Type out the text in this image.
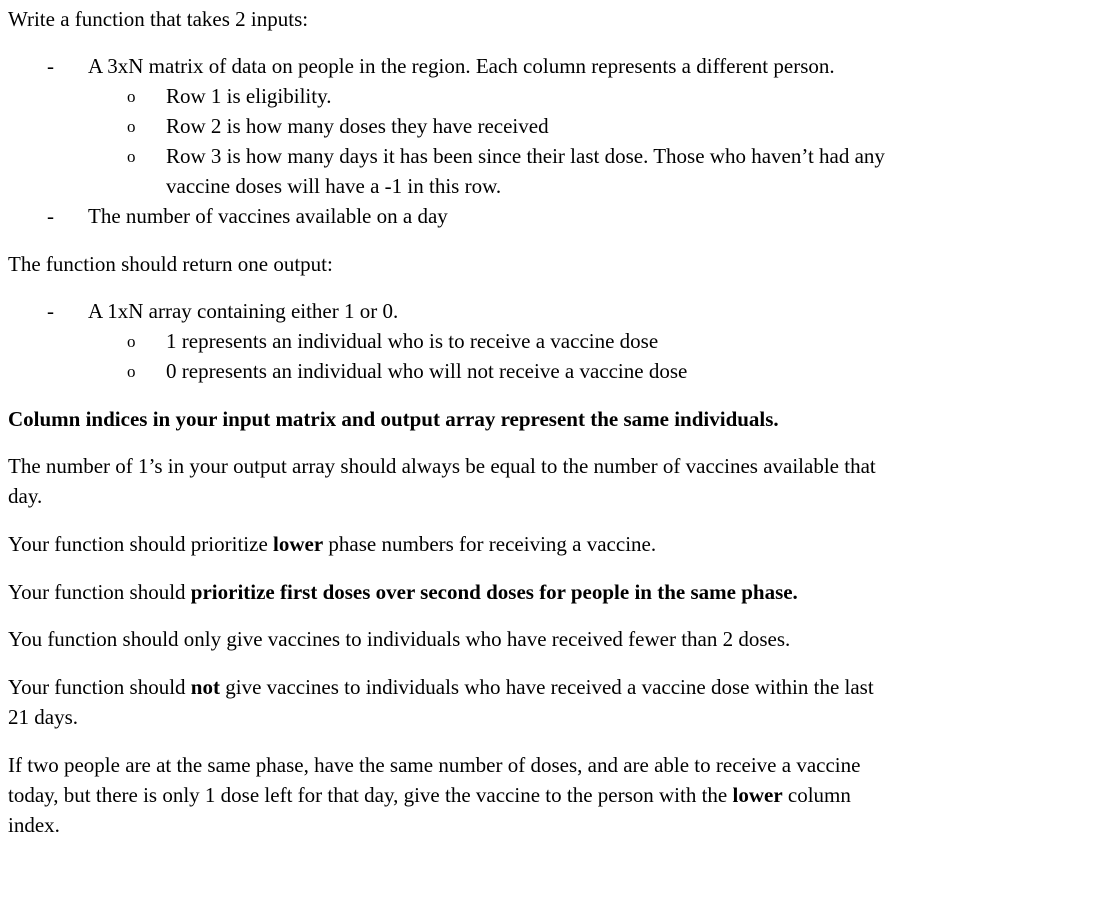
Write a function that takes 2 inputs:
- A 3xN matrix of data on people in the region. Each column represents a different person.
o Row 1 is eligibility.
o Row 2 is how many doses they have received
o Row 3 is how many days it has been since their last dose. Those who haven’t had any
vaccine doses will have a -1 in this row.
- The number of vaccines available on a day
The function should return one output:
- A 1xN array containing either 1 or 0.
o 1 represents an individual who is to receive a vaccine dose
o 0 represents an individual who will not receive a vaccine dose
Column indices in your input matrix and output array represent the same individuals.
The number of 1’s in your output array should always be equal to the number of vaccines available that
day.
Your function should prioritize lower phase numbers for receiving a vaccine.
Your function should prioritize first doses over second doses for people in the same phase.
You function should only give vaccines to individuals who have received fewer than 2 doses.
Your function should not give vaccines to individuals who have received a vaccine dose within the last
21 days.
If two people are at the same phase, have the same number of doses, and are able to receive a vaccine
today, but there is only 1 dose left for that day, give the vaccine to the person with the lower column
index.
